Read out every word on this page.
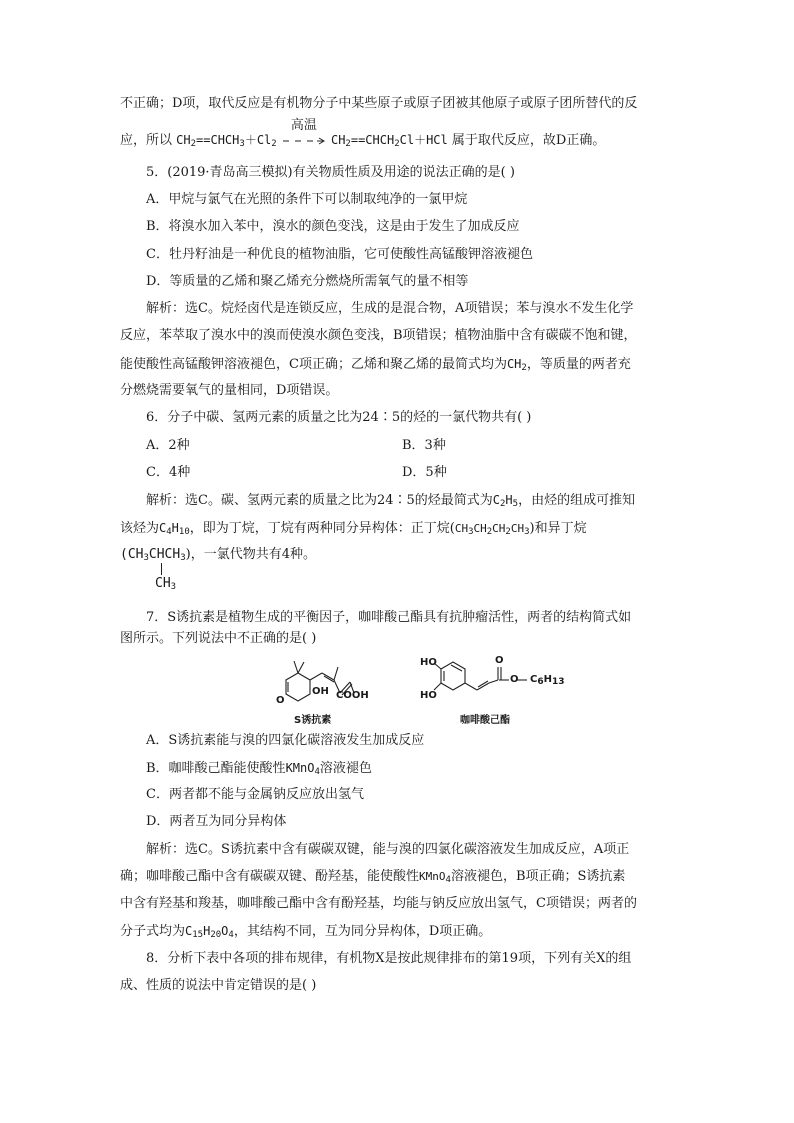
不正确；D项，取代反应是有机物分子中某些原子或原子团被其他原子或原子团所替代的反
应，所以 $CH_2==CHCH_3+Cl_2$
高温
$CH_2==CHCH_2Cl+HCl$ 属于取代反应，故D正确。
5．(2019·青岛高三模拟)有关物质性质及用途的说法正确的是( )
A．甲烷与氯气在光照的条件下可以制取纯净的一氯甲烷
B．将溴水加入苯中，溴水的颜色变浅，这是由于发生了加成反应
C．牡丹籽油是一种优良的植物油脂，它可使酸性高锰酸钾溶液褪色
D．等质量的乙烯和聚乙烯充分燃烧所需氧气的量不相等
解析：选C。烷烃卤代是连锁反应，生成的是混合物，A项错误；苯与溴水不发生化学
反应，苯萃取了溴水中的溴而使溴水颜色变浅，B项错误；植物油脂中含有碳碳不饱和键，
能使酸性高锰酸钾溶液褪色，C项正确；乙烯和聚乙烯的最简式均为$CH_2$，等质量的两者充
分燃烧需要氧气的量相同，D项错误。
6．分子中碳、氢两元素的质量之比为24∶5的烃的一氯代物共有( )
A．2种	B．3种
C．4种	D．5种
解析：选C。碳、氢两元素的质量之比为24∶5的烃最简式为$C_2H_5$，由烃的组成可推知
该烃为$C_4H_{10}$，即为丁烷，丁烷有两种同分异构体：正丁烷$(CH_3CH_2CH_2CH_3)$和异丁烷
$(CH_3CHCH_3)$，一氯代物共有4种。
$CH_3$
7．S诱抗素是植物生成的平衡因子，咖啡酸己酯具有抗肿瘤活性，两者的结构简式如
图所示。下列说法中不正确的是( )
O
OH COOH
S诱抗素
HO
HO
O
O $C_6H_{13}$
咖啡酸己酯
A．S诱抗素能与溴的四氯化碳溶液发生加成反应
B．咖啡酸己酯能使酸性KMnO$_4$溶液褪色
C．两者都不能与金属钠反应放出氢气
D．两者互为同分异构体
解析：选C。S诱抗素中含有碳碳双键，能与溴的四氯化碳溶液发生加成反应，A项正
确；咖啡酸己酯中含有碳碳双键、酚羟基，能使酸性KMnO$_4$溶液褪色，B项正确；S诱抗素
中含有羟基和羧基，咖啡酸己酯中含有酚羟基，均能与钠反应放出氢气，C项错误；两者的
分子式均为$C_{15}H_{20}O_4$，其结构不同，互为同分异构体，D项正确。
8．分析下表中各项的排布规律，有机物X是按此规律排布的第19项，下列有关X的组
成、性质的说法中肯定错误的是( )
